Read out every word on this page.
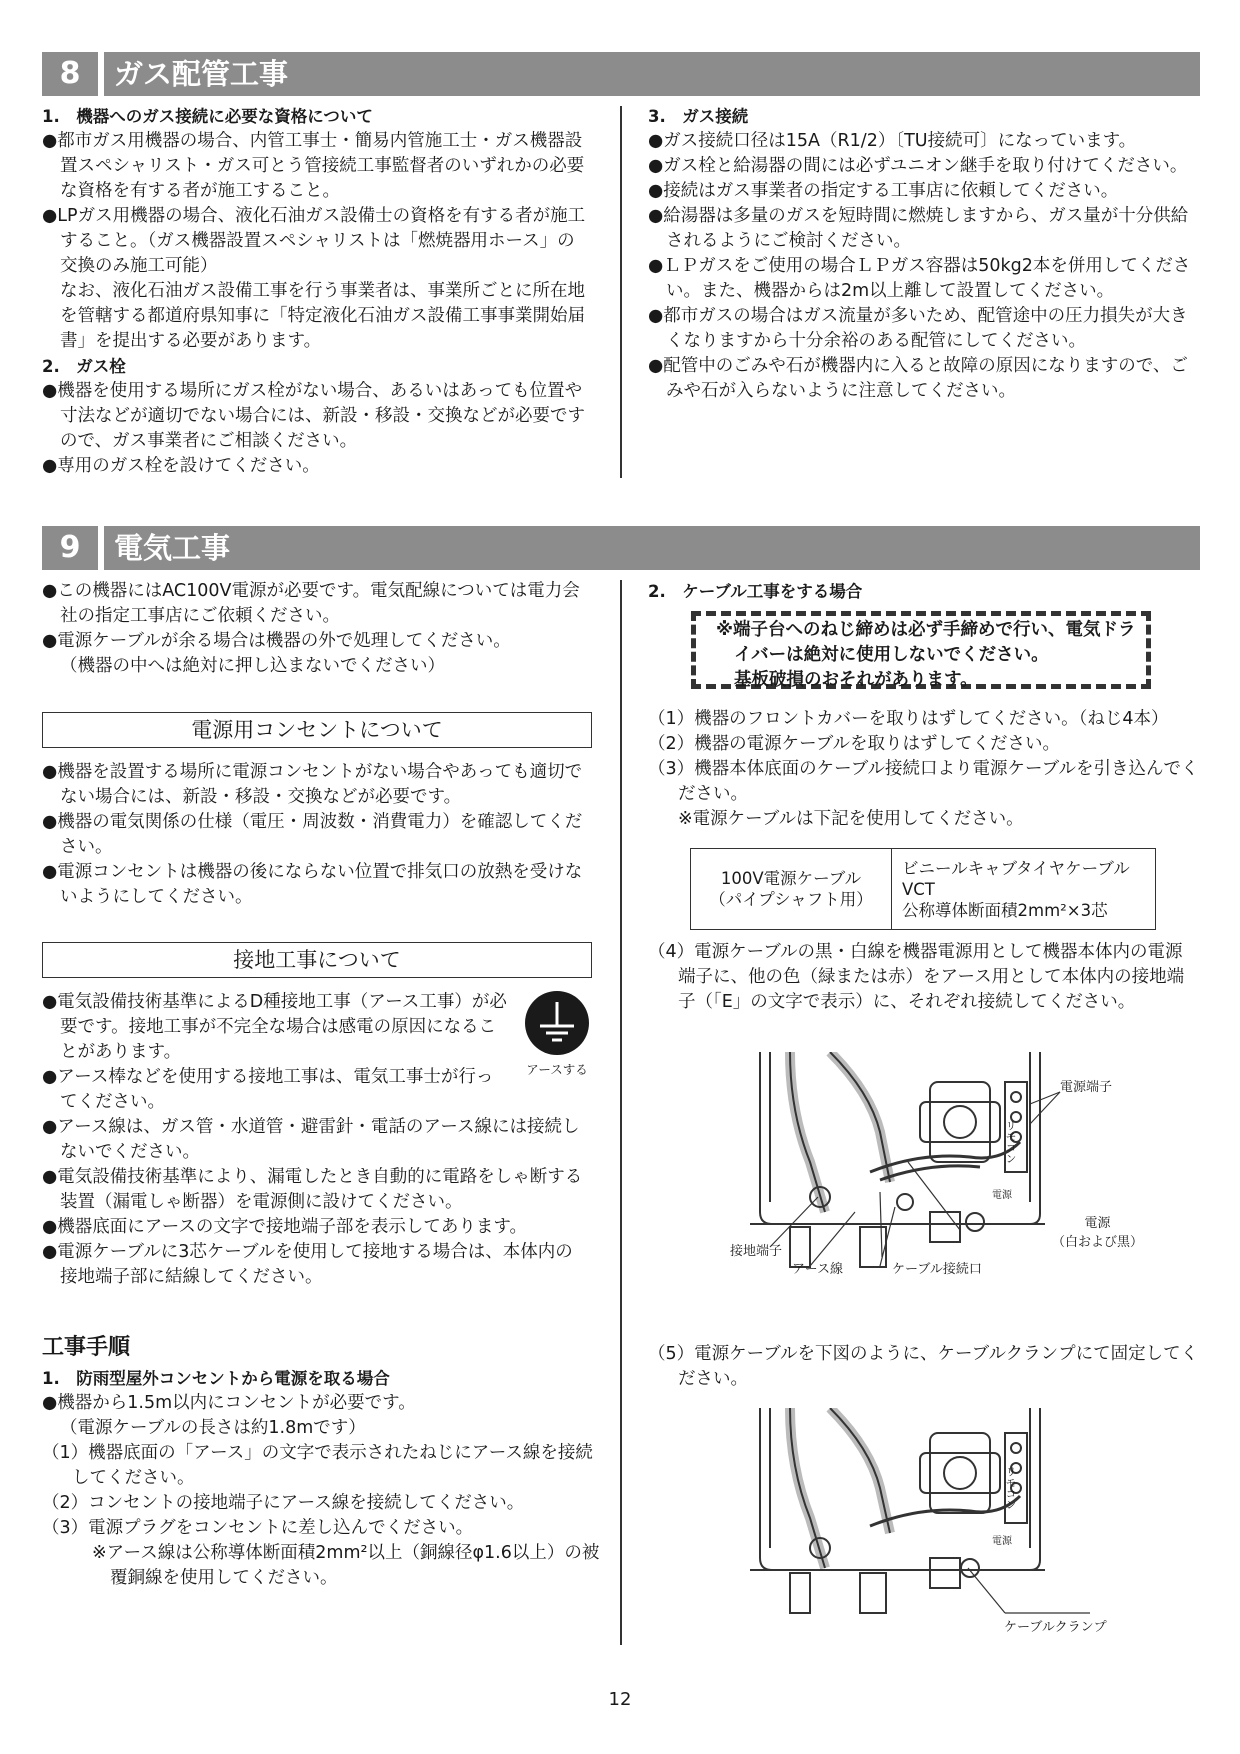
8	ガス配管工事

1.　機器へのガス接続に必要な資格について

●都市ガス用機器の場合、内管工事士・簡易内管施工士・ガス機器設置スペシャリスト・ガス可とう管接続工事監督者のいずれかの必要な資格を有する者が施工すること。

●LPガス用機器の場合、液化石油ガス設備士の資格を有する者が施工すること。（ガス機器設置スペシャリストは「燃焼器用ホース」の交換のみ施工可能）

なお、液化石油ガス設備工事を行う事業者は、事業所ごとに所在地を管轄する都道府県知事に「特定液化石油ガス設備工事事業開始届書」を提出する必要があります。

2.　ガス栓

●機器を使用する場所にガス栓がない場合、あるいはあっても位置や寸法などが適切でない場合には、新設・移設・交換などが必要ですので、ガス事業者にご相談ください。

●専用のガス栓を設けてください。

3.　ガス接続

●ガス接続口径は15A（R1/2）〔TU接続可〕になっています。

●ガス栓と給湯器の間には必ずユニオン継手を取り付けてください。

●接続はガス事業者の指定する工事店に依頼してください。

●給湯器は多量のガスを短時間に燃焼しますから、ガス量が十分供給されるようにご検討ください。

●ＬＰガスをご使用の場合ＬＰガス容器は50kg2本を併用してください。また、機器からは2m以上離して設置してください。

●都市ガスの場合はガス流量が多いため、配管途中の圧力損失が大きくなりますから十分余裕のある配管にしてください。

●配管中のごみや石が機器内に入ると故障の原因になりますので、ごみや石が入らないように注意してください。

9	電気工事

●この機器にはAC100V電源が必要です。電気配線については電力会社の指定工事店にご依頼ください。

●電源ケーブルが余る場合は機器の外で処理してください。

（機器の中へは絶対に押し込まないでください）

電源用コンセントについて

●機器を設置する場所に電源コンセントがない場合やあっても適切でない場合には、新設・移設・交換などが必要です。

●機器の電気関係の仕様（電圧・周波数・消費電力）を確認してください。

●電源コンセントは機器の後にならない位置で排気口の放熱を受けないようにしてください。

接地工事について

●電気設備技術基準によるD種接地工事（アース工事）が必要です。接地工事が不完全な場合は感電の原因になることがあります。

●アース棒などを使用する接地工事は、電気工事士が行ってください。

●アース線は、ガス管・水道管・避雷針・電話のアース線には接続しないでください。

●電気設備技術基準により、漏電したとき自動的に電路をしゃ断する装置（漏電しゃ断器）を電源側に設けてください。

●機器底面にアースの文字で接地端子部を表示してあります。

●電源ケーブルに3芯ケーブルを使用して接地する場合は、本体内の接地端子部に結線してください。

アースする
工事手順

1.　防雨型屋外コンセントから電源を取る場合

●機器から1.5m以内にコンセントが必要です。

（電源ケーブルの長さは約1.8mです）

（1）機器底面の「アース」の文字で表示されたねじにアース線を接続してください。

（2）コンセントの接地端子にアース線を接続してください。

（3）電源プラグをコンセントに差し込んでください。

※アース線は公称導体断面積2mm²以上（銅線径φ1.6以上）の被覆銅線を使用してください。

2.　ケーブル工事をする場合

※端子台へのねじ締めは必ず手締めで行い、電気ドライバーは絶対に使用しないでください。

基板破損のおそれがあります。

（1）機器のフロントカバーを取りはずしてください。（ねじ4本）

（2）機器の電源ケーブルを取りはずしてください。

（3）機器本体底面のケーブル接続口より電源ケーブルを引き込んでください。

※電源ケーブルは下記を使用してください。

100V電源ケーブル
（パイプシャフト用）

ビニールキャブタイヤケーブル
VCT
公称導体断面積2mm²×3芯

（4）電源ケーブルの黒・白線を機器電源用として機器本体内の電源端子に、他の色（緑または赤）をアース用として本体内の接地端子（「E」の文字で表示）に、それぞれ接続してください。

リモコン
電源
電源端子
電源
（白および黒）
接地端子
アース線	ケーブル接続口

（5）電源ケーブルを下図のように、ケーブルクランプにて固定してください。

リモコン
電源
ケーブルクランプ
12
